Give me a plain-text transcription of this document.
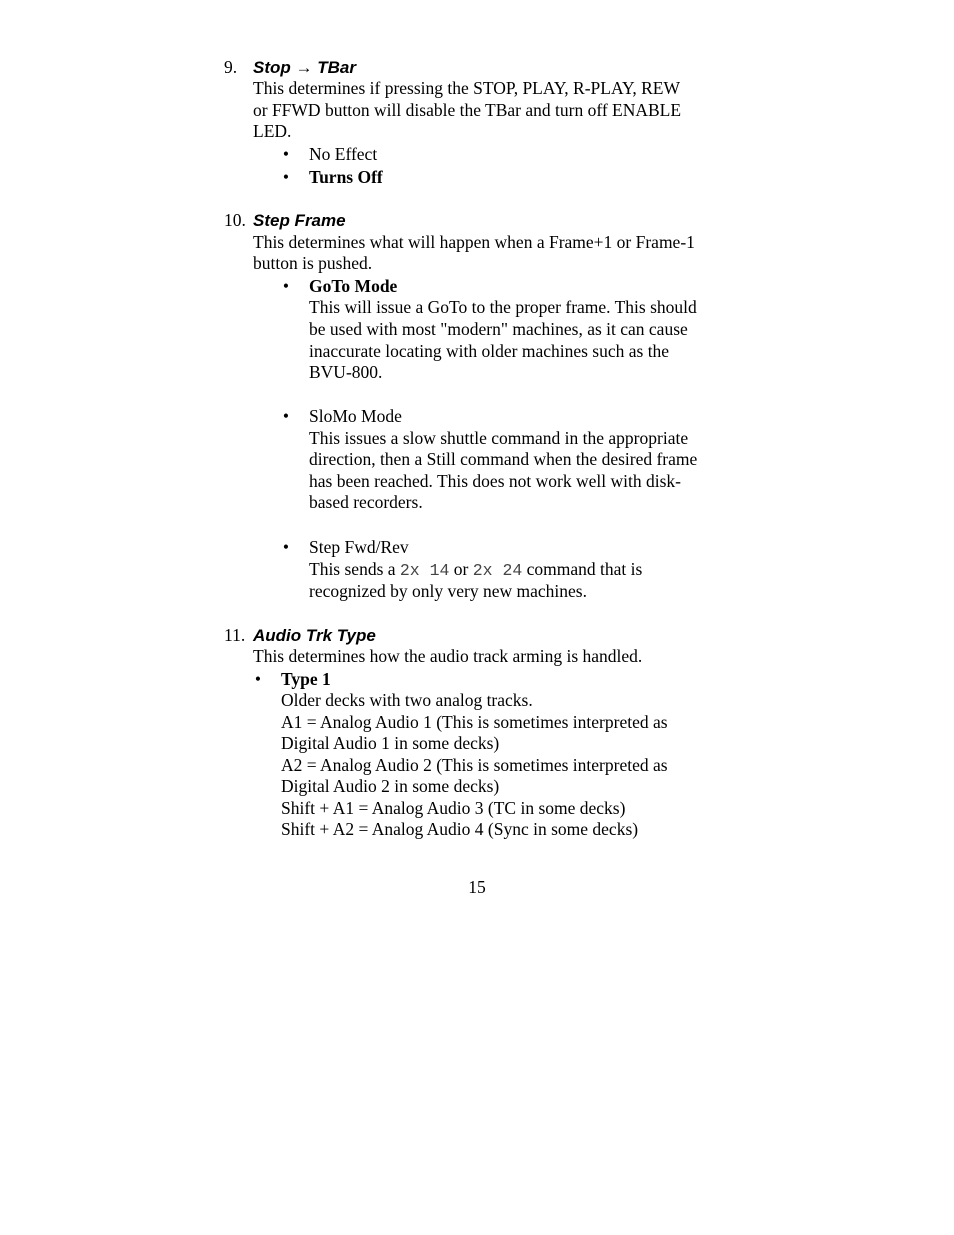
9. Stop → TBar
This determines if pressing the STOP, PLAY, R-PLAY, REW
or FFWD button will disable the TBar and turn off ENABLE
LED.
• No Effect
• Turns Off
10. Step Frame
This determines what will happen when a Frame+1 or Frame-1
button is pushed.
• GoTo Mode
This will issue a GoTo to the proper frame. This should
be used with most "modern" machines, as it can cause
inaccurate locating with older machines such as the
BVU-800.
• SloMo Mode
This issues a slow shuttle command in the appropriate
direction, then a Still command when the desired frame
has been reached. This does not work well with disk-
based recorders.
• Step Fwd/Rev
This sends a 2x 14 or 2x 24 command that is
recognized by only very new machines.
11. Audio Trk Type
This determines how the audio track arming is handled.
• Type 1
Older decks with two analog tracks.
A1 = Analog Audio 1 (This is sometimes interpreted as
Digital Audio 1 in some decks)
A2 = Analog Audio 2 (This is sometimes interpreted as
Digital Audio 2 in some decks)
Shift + A1 = Analog Audio 3 (TC in some decks)
Shift + A2 = Analog Audio 4 (Sync in some decks)
15
